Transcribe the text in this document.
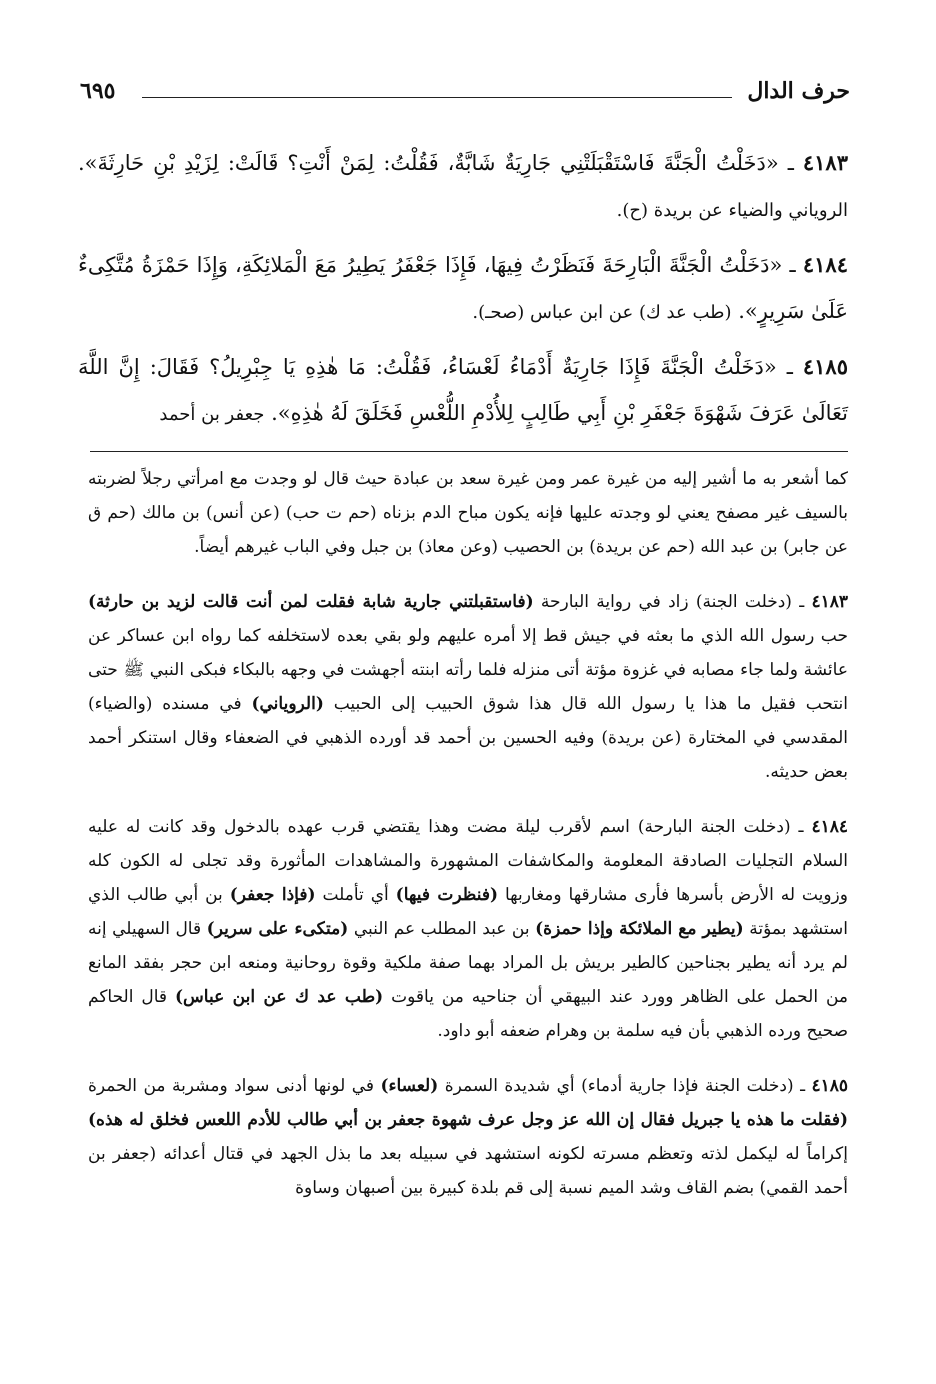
حرف الدال
٦٩٥

٤١٨٣ ـ «دَخَلْتُ الْجَنَّةَ فَاسْتَقْبَلَتْنِي جَارِيَةٌ شَابَّةٌ، فَقُلْتُ: لِمَنْ أَنْتِ؟ قَالَتْ: لِزَيْدِ بْنِ حَارِثَةَ». الروياني والضياء عن بريدة (ح).

٤١٨٤ ـ «دَخَلْتُ الْجَنَّةَ الْبَارِحَةَ فَنَظَرْتُ فِيهَا، فَإِذَا جَعْفَرُ يَطِيرُ مَعَ الْمَلائِكَةِ، وَإِذَا حَمْزَةُ مُتَّكِىءٌ عَلَىٰ سَرِيرٍ». (طب عد ك) عن ابن عباس (صحـ).

٤١٨٥ ـ «دَخَلْتُ الْجَنَّةَ فَإِذَا جَارِيَةٌ أَدْمَاءُ لَعْسَاءُ، فَقُلْتُ: مَا هٰذِهِ يَا جِبْرِيلُ؟ فَقَالَ: إِنَّ اللَّهَ تَعَالَىٰ عَرَفَ شَهْوَةَ جَعْفَرِ بْنِ أَبِي طَالِبٍ لِلأُدْمِ اللُّعْسِ فَخَلَقَ لَهُ هٰذِهِ». جعفر بن أحمد

كما أشعر به ما أشير إليه من غيرة عمر ومن غيرة سعد بن عبادة حيث قال لو وجدت مع امرأتي رجلاً لضربته بالسيف غير مصفح يعني لو وجدته عليها فإنه يكون مباح الدم بزناه (حم ت حب) (عن أنس) بن مالك (حم ق عن جابر) بن عبد الله (حم عن بريدة) بن الحصيب (وعن معاذ) بن جبل وفي الباب غيرهم أيضاً.

٤١٨٣ ـ (دخلت الجنة) زاد في رواية البارحة (فاستقبلتني جارية شابة فقلت لمن أنت قالت لزيد بن حارثة) حب رسول الله الذي ما بعثه في جيش قط إلا أمره عليهم ولو بقي بعده لاستخلفه كما رواه ابن عساكر عن عائشة ولما جاء مصابه في غزوة مؤتة أتى منزله فلما رأته ابنته أجهشت في وجهه بالبكاء فبكى النبي ﷺ حتى انتحب فقيل ما هذا يا رسول الله قال هذا شوق الحبيب إلى الحبيب (الروياني) في مسنده (والضياء) المقدسي في المختارة (عن بريدة) وفيه الحسين بن أحمد قد أورده الذهبي في الضعفاء وقال استنكر أحمد بعض حديثه.

٤١٨٤ ـ (دخلت الجنة البارحة) اسم لأقرب ليلة مضت وهذا يقتضي قرب عهده بالدخول وقد كانت له عليه السلام التجليات الصادقة المعلومة والمكاشفات المشهورة والمشاهدات المأثورة وقد تجلى له الكون كله وزويت له الأرض بأسرها فأرى مشارقها ومغاربها (فنظرت فيها) أي تأملت (فإذا جعفر) بن أبي طالب الذي استشهد بمؤتة (يطير مع الملائكة وإذا حمزة) بن عبد المطلب عم النبي (متكىء على سرير) قال السهيلي إنه لم يرد أنه يطير بجناحين كالطير بريش بل المراد بهما صفة ملكية وقوة روحانية ومنعه ابن حجر بفقد المانع من الحمل على الظاهر وورد عند البيهقي أن جناحيه من ياقوت (طب عد ك عن ابن عباس) قال الحاكم صحيح ورده الذهبي بأن فيه سلمة بن وهرام ضعفه أبو داود.

٤١٨٥ ـ (دخلت الجنة فإذا جارية أدماء) أي شديدة السمرة (لعساء) في لونها أدنى سواد ومشربة من الحمرة (فقلت ما هذه يا جبريل فقال إن الله عز وجل عرف شهوة جعفر بن أبي طالب للأدم اللعس فخلق له هذه) إكراماً له ليكمل لذته وتعظم مسرته لكونه استشهد في سبيله بعد ما بذل الجهد في قتال أعدائه (جعفر بن أحمد القمي) بضم القاف وشد الميم نسبة إلى قم بلدة كبيرة بين أصبهان وساوة
